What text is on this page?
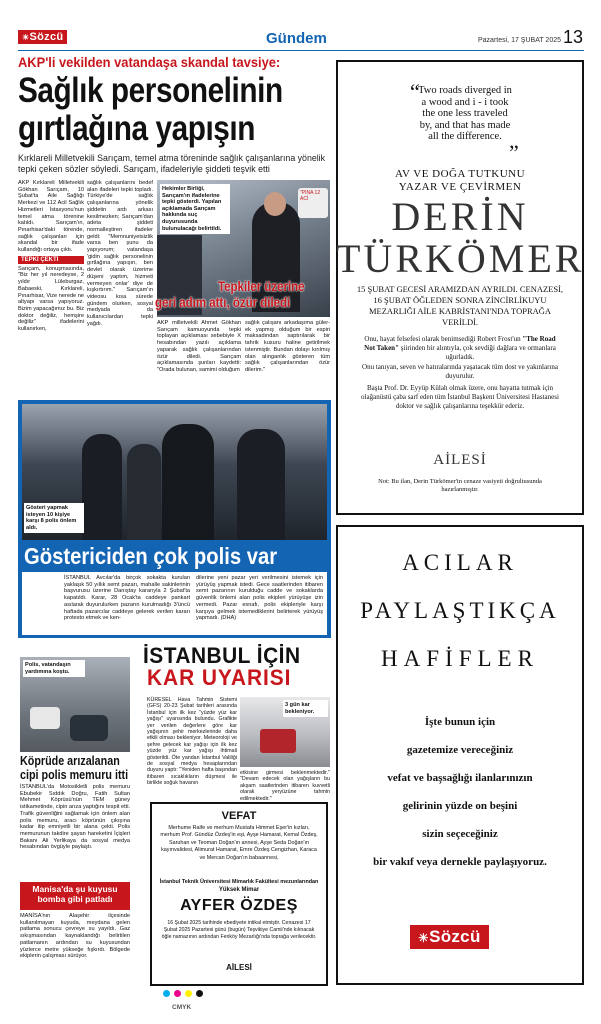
☀Sözcü	Gündem	Pazartesi, 17 ŞUBAT 2025 13
AKP'li vekilden vatandaşa skandal tavsiye:
Sağlık personelinin
gırtlağına yapışın
Kırklareli Milletvekili Sarıçam, temel atma töreninde sağlık çalışanlarına yönelik tepki çeken sözler söyledi. Sarıçam, ifadeleriyle şiddeti teşvik etti

AKP Kırklareli Milletvekili Gökhan Sarıçam, 10 Şubat'ta Aile Sağlığı Merkezi ve 112 Acil Sağlık Hizmetleri İstasyonu'nun temel atma törenine katıldı. Sarıçam'ın, Pınarhisar'daki törende, sağlık çalışanları için skandal bir ifade kullandığı ortaya çıktı.

TEPKİ ÇEKTİ

Sarıçam, konuşmasında, "Biz her yıl neredeyse, 2 yıldır Lüleburgaz, Babaeski, Kırklareli, Pınarhisar, Vize nerede ne altyapı varsa yapıyoruz. Bizim yapacağımız bu. Biz doktor değiliz, hemşire değiliz" ifadelerini kullanırken,

sağlık çalışanlarını bedef alan ifadeleri tepki topladı. Türkiye'de sağlık çalışanlarına yönelik şiddetin ardı arkası kesilmezken; Sarıçam'dan adeta şiddeti normalleştiren ifadeler geldi: "Memnuniyetsizlik varsa ben şunu da yapıyorum; vatandaşa 'gidin sağlık personelinin gırtlağına yapışın, ben devlet olarak üzerime düşeni yaptım, hizmeti vermeyen onlar' diye de kışkırtırım." Sarıçam'ın videosu kısa sürede gündem olurken, sosyal medyada da kullanıcılardan tepki yağdı.

"PINA 12 ACİ
Hekimler Birliği, Sarıçam'ın ifadelerine tepki gösterdi. Yapılan açıklamada Sarıçam hakkında suç duyurusunda bulunulacağı belirtildi.
Tepkiler üzerine
geri adım attı, özür diledi

AKP milletvekili Ahmet Gökhan Sarıçam kamuoyunda tepki toplayan açıklaması sebebiyle X hesabından yazılı açıklama yaparak sağlık çalışanlarından özür diledi. Sarıçam açıklamasında şunları kaydetti: "Orada bulunan, samimi olduğum

sağlık çalışanı arkadaşıma gülerek yapmış olduğum bir espiri maksadından saptırılarak bir tahrik kusuru haline getirilmek istenmiştir. Bundan dolayı kırılmış olan alınganlık gösteren tüm sağlık çalışanlarından özür dilerim."

Gösteri yapmak isteyen 10 kişiye karşı 8 polis önlem aldı.
Göstericiden çok polis var

İSTANBUL Avcılar'da birçok sokakta kurulan yaklaşık 50 yıllık semt pazarı, mahalle sakinlerinin başvurusu üzerine Danıştay kararıyla 2 Şubat'ta kapatıldı. Karar, 28 Ocak'ta caddeye pankart asılarak duyurulurken pazarın kurulmadığı 3'üncü haftada pazarcılar caddeye gelerek verilen kararı protesto etmek ve ken-

dilerine yeni pazar yeri verilmesini istemek için yürüyüş yapmak istedi. Gece saatlerinden itibaren semt pazarının kurulduğu cadde ve sokaklarda güvenlik önlemi alan polis ekipleri yürüyüşe izin vermedi. Pazar esnafı, polis ekipleriyle karşı karşıya gelmek istemediklerini belirterek yürüyüş yapmadı. (DHA)

Polis, vatandaşın yardımına koştu.
Köprüde arızalanan cipi polis memuru itti
İSTANBUL'da Motosikletli polis memuru Ebubekir Sıddık Doğru, Fatih Sultan Mehmet Köprüsü'nün TEM güney istikametinde, cipin arıza yaptığını tespit etti. Trafik güvenliğini sağlamak için önlem alan polis memuru, aracı köprünün çıkışına kadar itip emniyetli bir alana çekti. Polis memurunun takdire şayan hareketini İçişleri Bakanı Ali Yerlikaya da sosyal medya hesabından övgüyle paylaştı.
Manisa'da şu kuyusu bomba gibi patladı
MANİSA'nın Alaşehir ilçesinde kullanılmayan kuyuda, meydana gelen patlama sonucu çevreye su yayıldı. Gaz sıkışmasından kaynaklandığı belirtilen patlamanın ardından su kuyusundan yüzlerce metre yükseğe fışkırdı. Bölgede ekiplerin çalışması sürüyor.
İSTANBUL İÇİN
KAR UYARISI
KÜRESEL Hava Tahmin Sistemi (GFS) 20-23 Şubat tarihleri arasında İstanbul için ilk kez "yüzde yüz kar yağışı" uyarısında bulundu. Grafikte yer verilen değerlere göre kar yağışının şehir merkezlerinde daha etkili olması bekleniyor. Meteoroloji ve şehre gelecek kar yağışı için ilk kez yüzde yüz kar yağışı ihtimali gösterildi. Öte yandan İstanbul Valiliği de sosyal medya hesaplarından duyuru yaptı: "Yeniden hafta başından itibaren sıcaklıkların düşmesi ile birlikte soğuk havanın
3 gün kar bekleniyor.
etkisine girmesi beklenmektedir." "Devam edecek olan yağışların bu akşam saatlerinden itibaren kuvvetli olarak yeryüzüne tahmin edilmektedir."
VEFAT
Merhume Raife ve merhum Mustafa Himmet Eşer'in kızları, merhum Prof. Gündüz Özdeş'in eşi, Ayşe Hamarat, Kemal Özdeş, Saruhan ve Teoman Doğan'ın annesi, Ayşe Seda Doğan'ın kayınvalidesi, Alimurat Hamarat, Emre Özdeş Cengizhan, Karaca ve Mercan Doğan'ın babaannesi,
İstanbul Teknik Üniversitesi Mimarlık Fakültesi mezunlarından
Yüksek Mimar
AYFER ÖZDEŞ
16 Şubat 2025 tarihinde ebediyete intikal etmiştir. Cenazesi 17 Şubat 2025 Pazartesi günü (bugün) Teşvikiye Camii'nde kılınacak öğle namazının ardından Feriköy Mezarlığı'nda toprağa verilecektir.
AİLESİ
CMYK
“
Two roads diverged in a wood and i - i took the one less traveled by, and that has made all the difference.
”
AV VE DOĞA TUTKUNU YAZAR VE ÇEVİRMEN
DERİN
TÜRKÖMER
15 ŞUBAT GECESİ ARAMIZDAN AYRILDI. CENAZESİ, 16 ŞUBAT ÖĞLEDEN SONRA ZİNCİRLİKUYU MEZARLIĞI AİLE KABRİSTANI'NDA TOPRAĞA VERİLDİ.
Onu, hayat felsefesi olarak benimsediği Robert Frost'un "The Road Not Taken" şiirinden bir alıntıyla, çok sevdiği dağlara ve ormanlara uğurladık.
Onu tanıyan, seven ve hatıralarında yaşatacak tüm dost ve yakınlarına duyurulur.
Başta Prof. Dr. Eyyüp Külah olmak üzere, onu hayatta tutmak için olağanüstü çaba sarf eden tüm İstanbul Başkent Üniversitesi Hastanesi doktor ve sağlık çalışanlarına teşekkür ederiz.
AİLESİ
Not: Bu ilan, Derin Türkömer'in cenaze vasiyeti doğrultusunda hazırlanmıştır.
ACILAR
PAYLAŞTIKÇA
HAFİFLER
İşte bunun için
gazetemize vereceğiniz
vefat ve başsağlığı ilanlarınızın
gelirinin yüzde on beşini
sizin seçeceğiniz
bir vakıf veya dernekle paylaşıyoruz.
☀Sözcü
